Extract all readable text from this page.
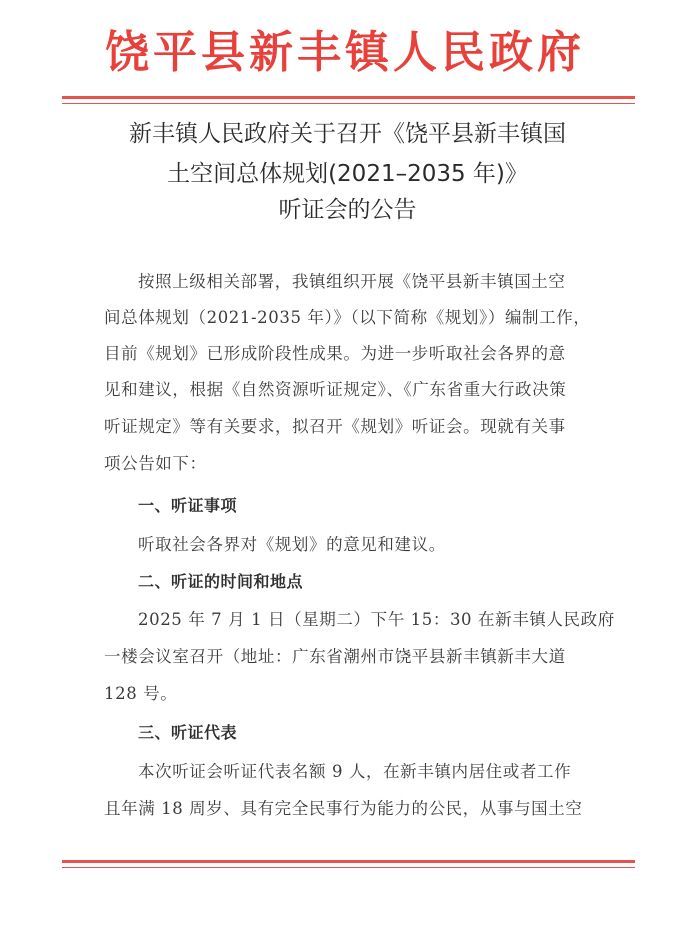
饶平县新丰镇人民政府
新丰镇人民政府关于召开《饶平县新丰镇国
土空间总体规划(2021–2035 年)》
听证会的公告
按照上级相关部署，我镇组织开展《饶平县新丰镇国土空
间总体规划（2021-2035 年）》（以下简称《规划》）编制工作，
目前《规划》已形成阶段性成果。为进一步听取社会各界的意
见和建议，根据《自然资源听证规定》、《广东省重大行政决策
听证规定》等有关要求，拟召开《规划》听证会。现就有关事
项公告如下：
一、听证事项
听取社会各界对《规划》的意见和建议。
二、听证的时间和地点
2025 年 7 月 1 日（星期二）下午 15：30 在新丰镇人民政府
一楼会议室召开（地址：广东省潮州市饶平县新丰镇新丰大道
128 号。
三、听证代表
本次听证会听证代表名额 9 人，在新丰镇内居住或者工作
且年满 18 周岁、具有完全民事行为能力的公民，从事与国土空
